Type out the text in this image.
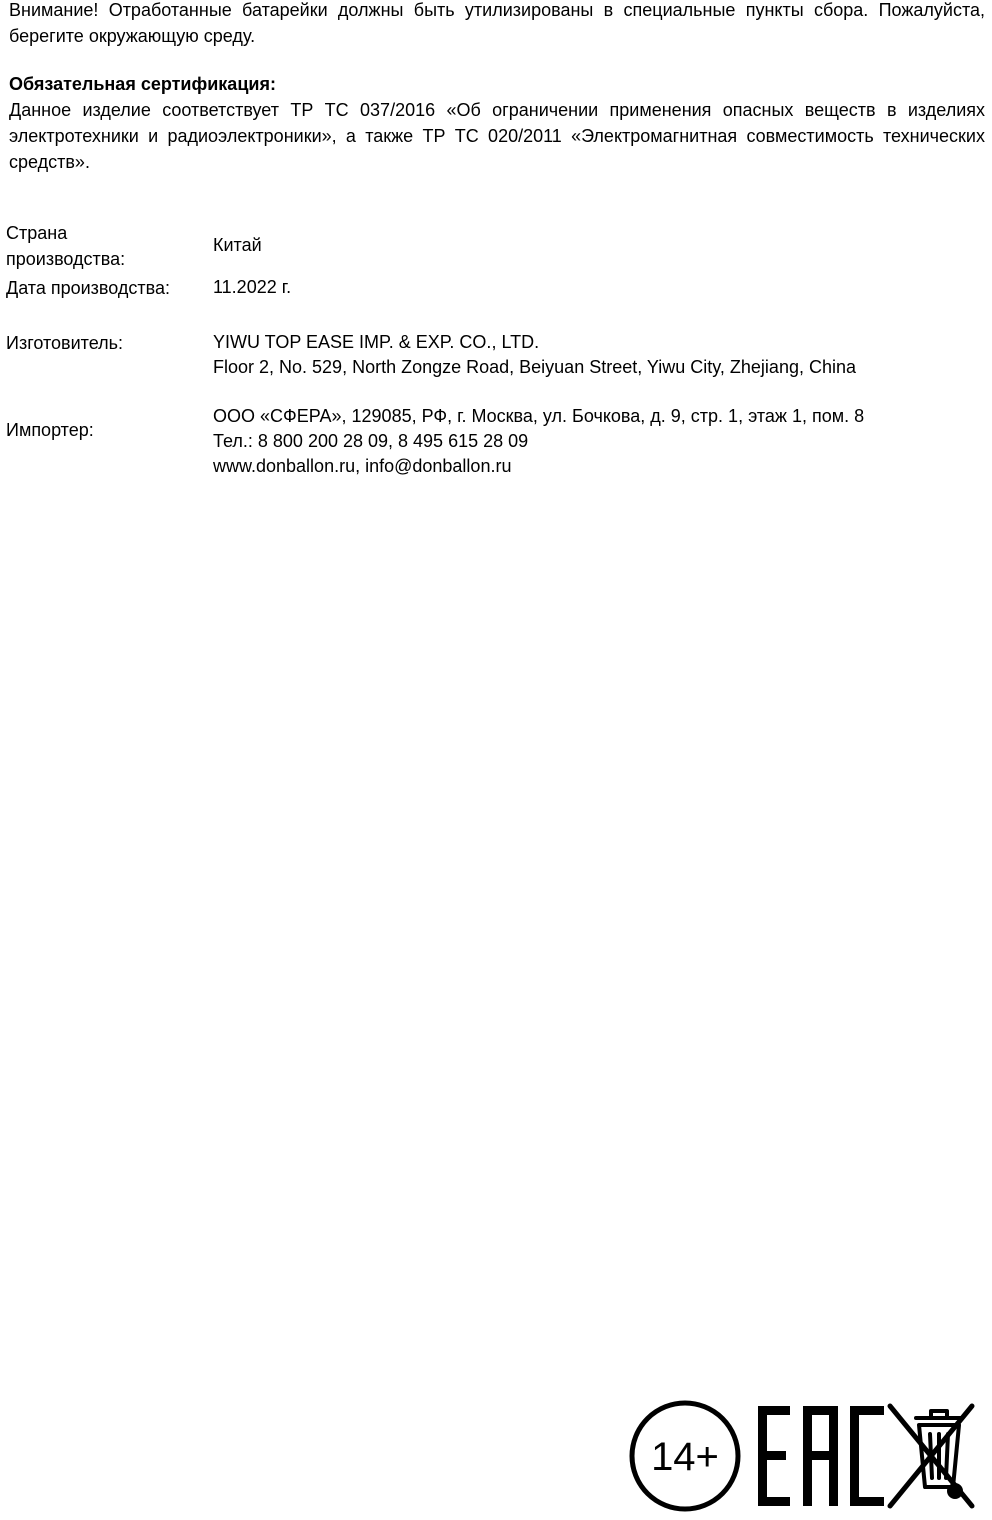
Внимание! Отработанные батарейки должны быть утилизированы в специальные пункты сбора. Пожалуйста, берегите окружающую среду.

Обязательная сертификация:

Данное изделие соответствует ТР ТС 037/2016 «Об ограничении применения опасных веществ в изделиях электротехники и радиоэлектроники», а также ТР ТС 020/2011 «Электромагнитная совместимость технических средств».

Страна производства:

Китай

Дата производства:	11.2022 г.

Изготовитель:	YIWU TOP EASE IMP. & EXP. CO., LTD.

Floor 2, No. 529, North Zongze Road, Beiyuan Street, Yiwu City, Zhejiang, China

Импортер:

ООО «СФЕРА», 129085, РФ, г. Москва, ул. Бочкова, д. 9, стр. 1, этаж 1, пом. 8

Тел.: 8 800 200 28 09, 8 495 615 28 09

www.donballon.ru, info@donballon.ru

14+
